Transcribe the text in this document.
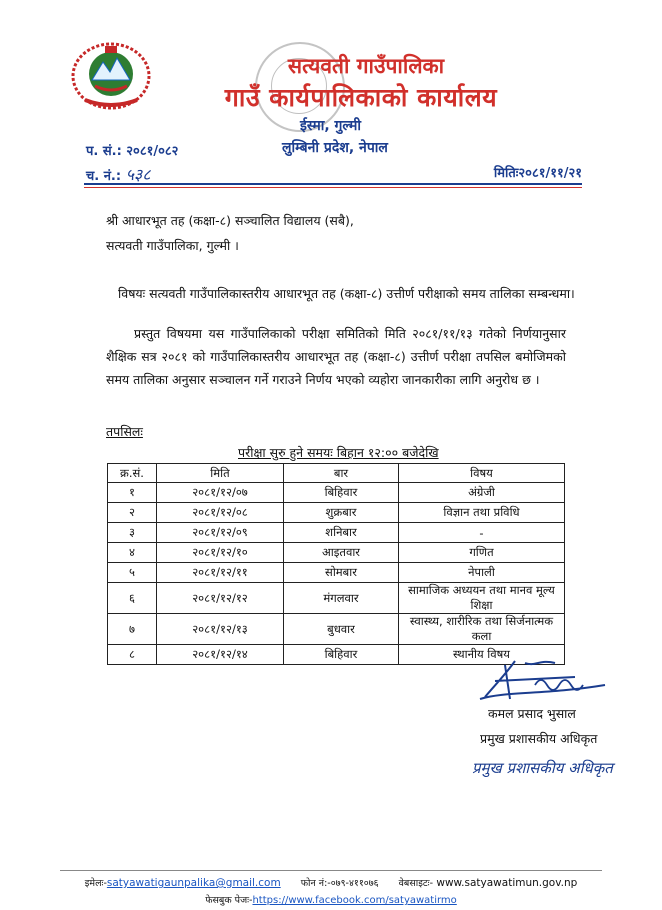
सत्यवती गाउँपालिका
गाउँ कार्यपालिकाको कार्यालय
ईस्मा, गुल्मी
लुम्बिनी प्रदेश, नेपाल
प. सं.: २०८१/०८२
च. नं.: ५३८	मितिः२०८१/११/२१
श्री आधारभूत तह (कक्षा-८) सञ्चालित विद्यालय (सबै),
सत्यवती गाउँपालिका, गुल्मी ।
विषयः सत्यवती गाउँपालिकास्तरीय आधारभूत तह (कक्षा-८) उत्तीर्ण परीक्षाको समय तालिका सम्बन्धमा।
प्रस्तुत विषयमा यस गाउँपालिकाको परीक्षा समितिको मिति २०८१/११/१३ गतेको निर्णयानुसार शैक्षिक सत्र २०८१ को गाउँपालिकास्तरीय आधारभूत तह (कक्षा-८) उत्तीर्ण परीक्षा तपसिल बमोजिमको समय तालिका अनुसार सञ्चालन गर्ने गराउने निर्णय भएको व्यहोरा जानकारीका लागि अनुरोध छ ।
तपसिलः
परीक्षा सुरु हुने समयः बिहान १२:०० बजेदेखि
क्र.सं.	मिति	बार	विषय
१	२०८१/१२/०७	बिहिवार	अंग्रेजी
२	२०८१/१२/०८	शुक्रबार	विज्ञान तथा प्रविधि
३	२०८१/१२/०९	शनिबार	-
४	२०८१/१२/१०	आइतवार	गणित
५	२०८१/१२/११	सोमबार	नेपाली
६	२०८१/१२/१२	मंगलवार	सामाजिक अध्ययन तथा मानव मूल्य शिक्षा
७	२०८१/१२/१३	बुधवार	स्वास्थ्य, शारीरिक तथा सिर्जनात्मक कला
८	२०८१/१२/१४	बिहिवार	स्थानीय विषय
कमल प्रसाद भुसाल
प्रमुख प्रशासकीय अधिकृत
प्रमुख प्रशासकीय अधिकृत
इमेलः-satyawatigaunpalika@gmail.com फोन नं:-०७९-४११०७६ वेबसाइटः- www.satyawatimun.gov.np
फेसबुक पेजः-https://www.facebook.com/satyawatirmo
